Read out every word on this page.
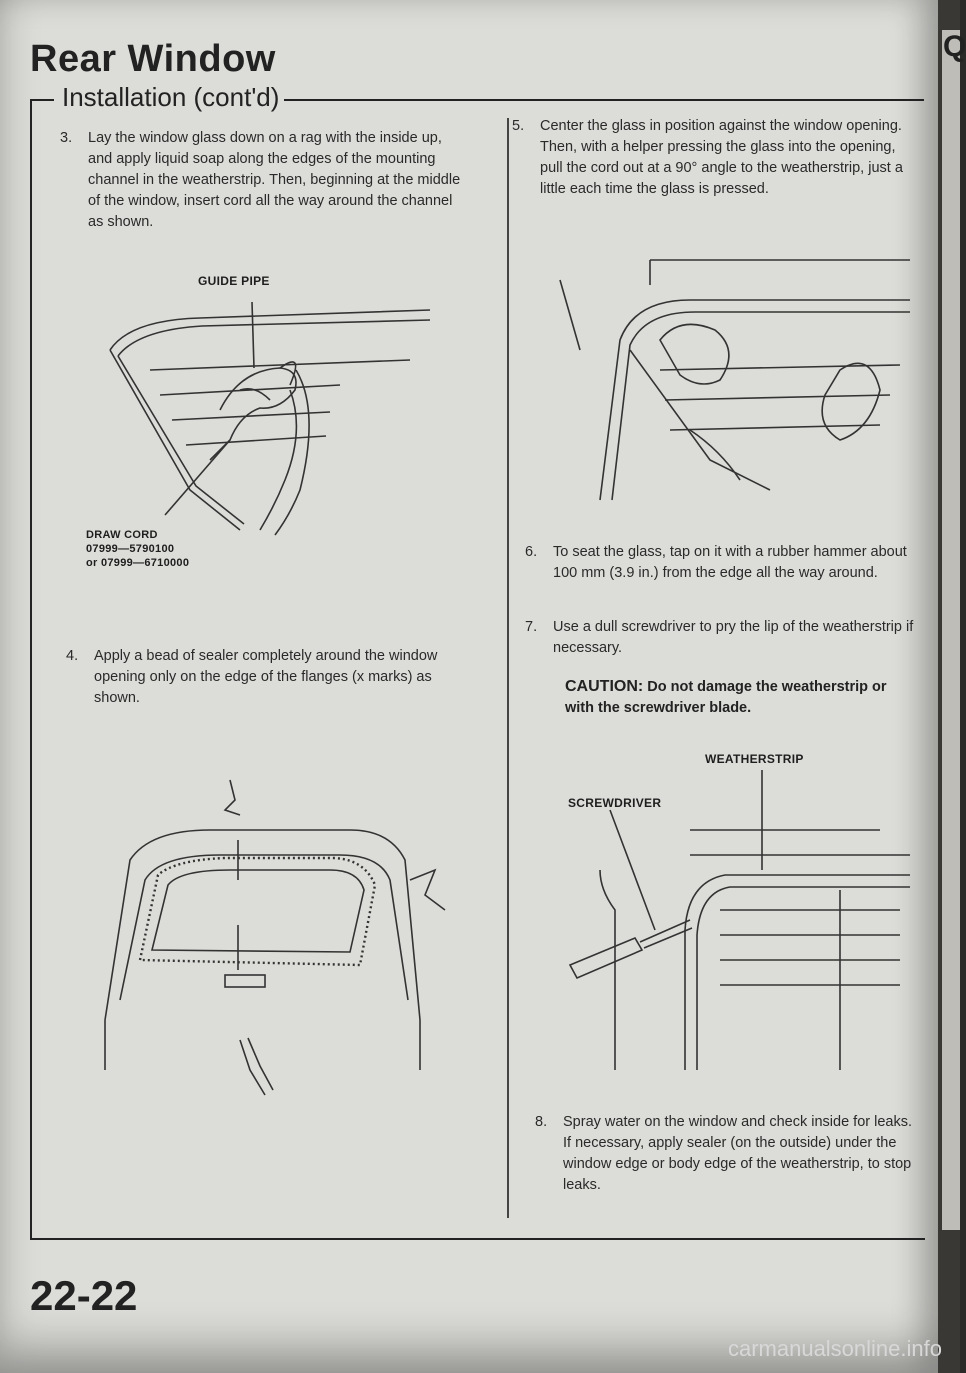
Rear Window
Installation (cont'd)
3. Lay the window glass down on a rag with the inside up, and apply liquid soap along the edges of the mounting channel in the weatherstrip. Then, beginning at the middle of the window, insert cord all the way around the channel as shown.
GUIDE PIPE
DRAW CORD
07999—5790100
or 07999—6710000
4. Apply a bead of sealer completely around the window opening only on the edge of the flanges (x marks) as shown.
5. Center the glass in position against the window opening. Then, with a helper pressing the glass into the opening, pull the cord out at a 90° angle to the weatherstrip, just a little each time the glass is pressed.
6. To seat the glass, tap on it with a rubber hammer about 100 mm (3.9 in.) from the edge all the way around.
7. Use a dull screwdriver to pry the lip of the weatherstrip if necessary.
CAUTION: Do not damage the weatherstrip or with the screwdriver blade.
WEATHERSTRIP
SCREWDRIVER
8. Spray water on the window and check inside for leaks. If necessary, apply sealer (on the outside) under the window edge or body edge of the weatherstrip, to stop leaks.
22-22
Q
carmanualsonline.info
